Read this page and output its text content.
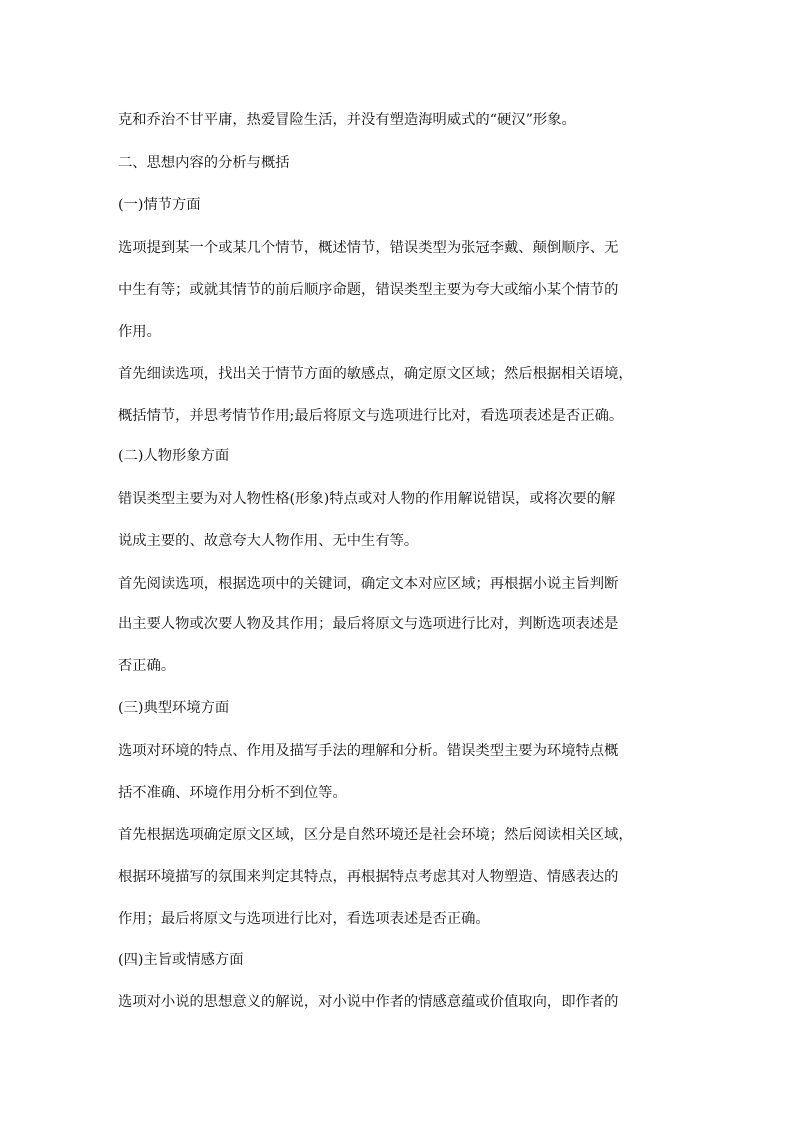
克和乔治不甘平庸，热爱冒险生活，并没有塑造海明威式的“硬汉”形象。
二、思想内容的分析与概括
(一)情节方面
选项提到某一个或某几个情节，概述情节，错误类型为张冠李戴、颠倒顺序、无
中生有等；或就其情节的前后顺序命题，错误类型主要为夸大或缩小某个情节的
作用。
首先细读选项，找出关于情节方面的敏感点，确定原文区域；然后根据相关语境，
概括情节，并思考情节作用;最后将原文与选项进行比对，看选项表述是否正确。
(二)人物形象方面
错误类型主要为对人物性格(形象)特点或对人物的作用解说错误，或将次要的解
说成主要的、故意夸大人物作用、无中生有等。
首先阅读选项，根据选项中的关键词，确定文本对应区域；再根据小说主旨判断
出主要人物或次要人物及其作用；最后将原文与选项进行比对，判断选项表述是
否正确。
(三)典型环境方面
选项对环境的特点、作用及描写手法的理解和分析。错误类型主要为环境特点概
括不准确、环境作用分析不到位等。
首先根据选项确定原文区域，区分是自然环境还是社会环境；然后阅读相关区域，
根据环境描写的氛围来判定其特点，再根据特点考虑其对人物塑造、情感表达的
作用；最后将原文与选项进行比对，看选项表述是否正确。
(四)主旨或情感方面
选项对小说的思想意义的解说，对小说中作者的情感意蕴或价值取向，即作者的
